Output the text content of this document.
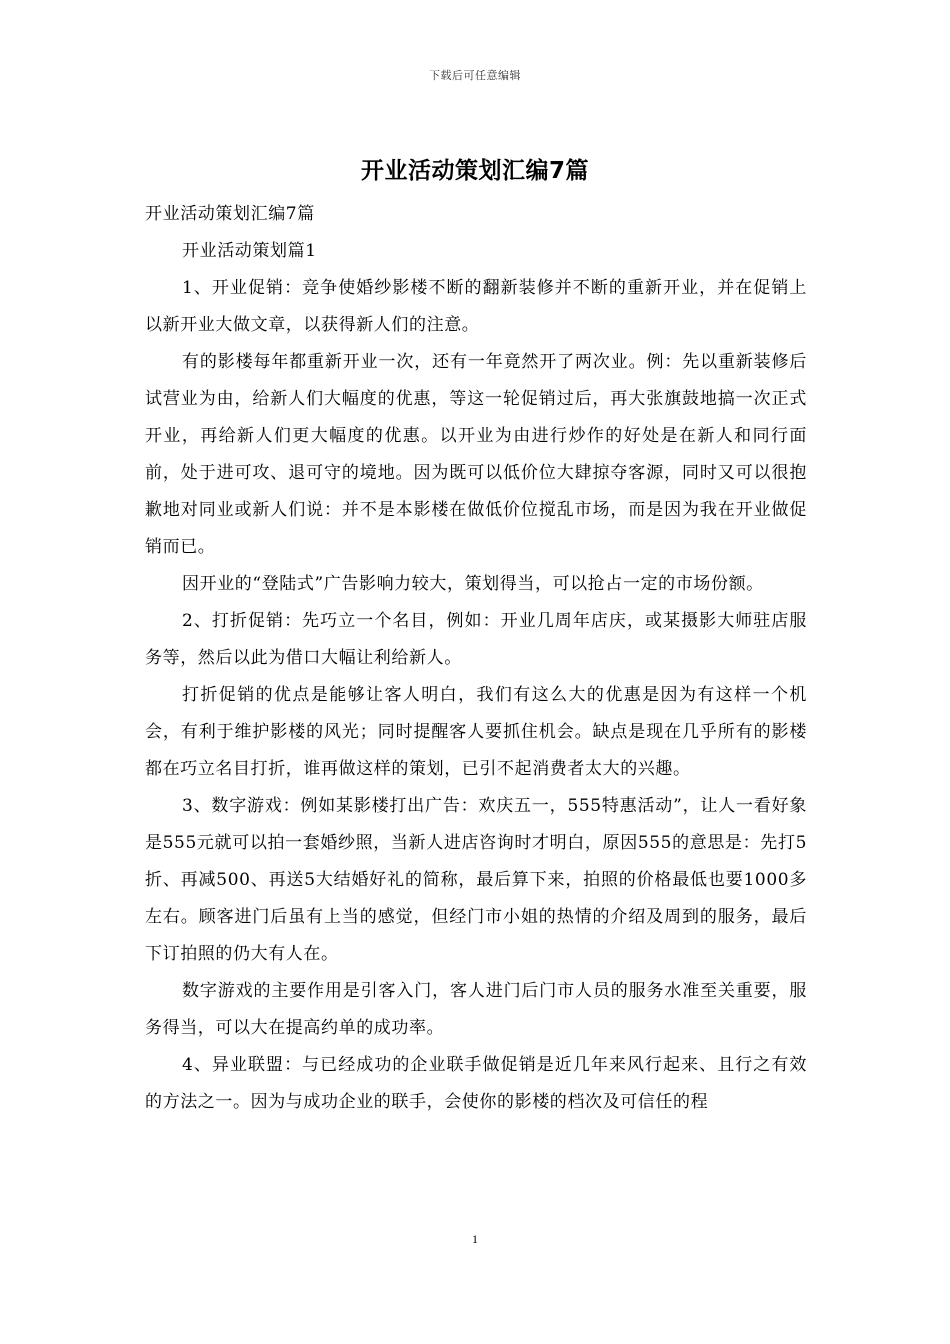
下载后可任意编辑
开业活动策划汇编7篇

开业活动策划汇编7篇

开业活动策划篇1

1、开业促销：竞争使婚纱影楼不断的翻新装修并不断的重新开业，并在促销上以新开业大做文章，以获得新人们的注意。

有的影楼每年都重新开业一次，还有一年竟然开了两次业。例：先以重新装修后试营业为由，给新人们大幅度的优惠，等这一轮促销过后，再大张旗鼓地搞一次正式开业，再给新人们更大幅度的优惠。以开业为由进行炒作的好处是在新人和同行面前，处于进可攻、退可守的境地。因为既可以低价位大肆掠夺客源，同时又可以很抱歉地对同业或新人们说：并不是本影楼在做低价位搅乱市场，而是因为我在开业做促销而已。

因开业的“登陆式”广告影响力较大，策划得当，可以抢占一定的市场份额。

2、打折促销：先巧立一个名目，例如：开业几周年店庆，或某摄影大师驻店服务等，然后以此为借口大幅让利给新人。

打折促销的优点是能够让客人明白，我们有这么大的优惠是因为有这样一个机会，有利于维护影楼的风光；同时提醒客人要抓住机会。缺点是现在几乎所有的影楼都在巧立名目打折，谁再做这样的策划，已引不起消费者太大的兴趣。

3、数字游戏：例如某影楼打出广告：欢庆五一，555特惠活动”，让人一看好象是555元就可以拍一套婚纱照，当新人进店咨询时才明白，原因555的意思是：先打5折、再减500、再送5大结婚好礼的简称，最后算下来，拍照的价格最低也要1000多左右。顾客进门后虽有上当的感觉，但经门市小姐的热情的介绍及周到的服务，最后下订拍照的仍大有人在。

数字游戏的主要作用是引客入门，客人进门后门市人员的服务水准至关重要，服务得当，可以大在提高约单的成功率。

4、异业联盟：与已经成功的企业联手做促销是近几年来风行起来、且行之有效的方法之一。因为与成功企业的联手，会使你的影楼的档次及可信任的程

1
